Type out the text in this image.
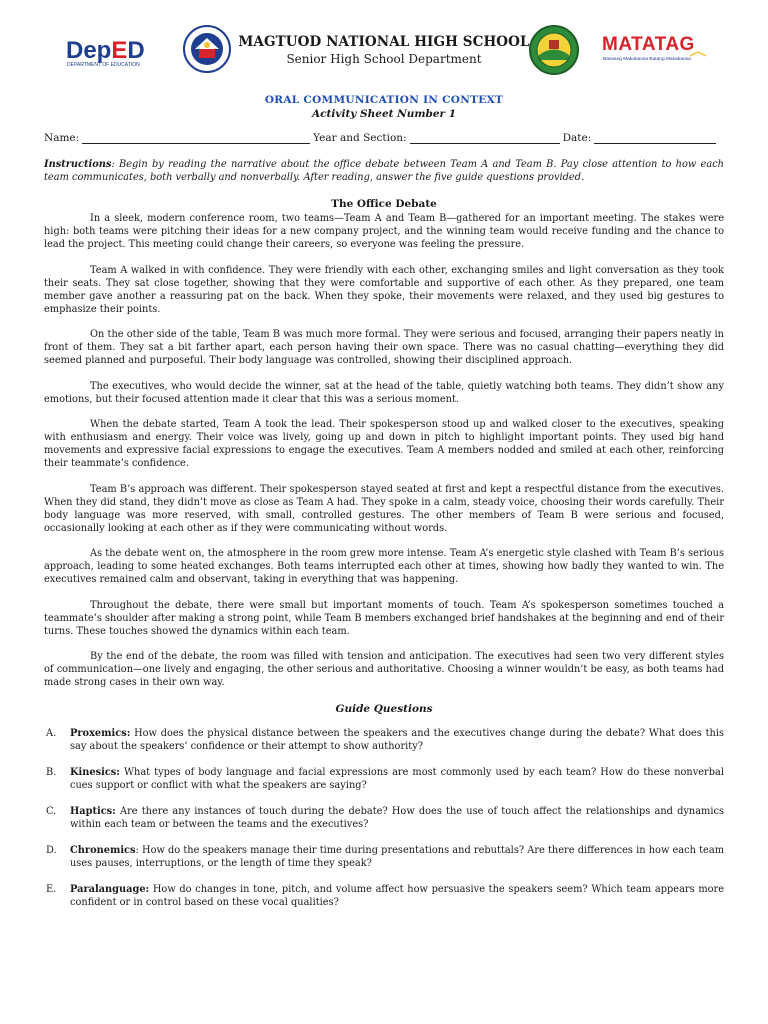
DepED
DEPARTMENT OF EDUCATION
MAGTUOD NATIONAL HIGH SCHOOL
Senior High School Department
MATATAG
Bansang Makabansa Batang Makabansa
ORAL COMMUNICATION IN CONTEXT
Activity Sheet Number 1
Name:	Year and Section:	Date:
Instructions: Begin by reading the narrative about the office debate between Team A and Team B. Pay close attention to how each team communicates, both verbally and nonverbally. After reading, answer the five guide questions provided.
The Office Debate

In a sleek, modern conference room, two teams—Team A and Team B—gathered for an important meeting. The stakes were high: both teams were pitching their ideas for a new company project, and the winning team would receive funding and the chance to lead the project. This meeting could change their careers, so everyone was feeling the pressure.

Team A walked in with confidence. They were friendly with each other, exchanging smiles and light conversation as they took their seats. They sat close together, showing that they were comfortable and supportive of each other. As they prepared, one team member gave another a reassuring pat on the back. When they spoke, their movements were relaxed, and they used big gestures to emphasize their points.

On the other side of the table, Team B was much more formal. They were serious and focused, arranging their papers neatly in front of them. They sat a bit farther apart, each person having their own space. There was no casual chatting—everything they did seemed planned and purposeful. Their body language was controlled, showing their disciplined approach.

The executives, who would decide the winner, sat at the head of the table, quietly watching both teams. They didn’t show any emotions, but their focused attention made it clear that this was a serious moment.

When the debate started, Team A took the lead. Their spokesperson stood up and walked closer to the executives, speaking with enthusiasm and energy. Their voice was lively, going up and down in pitch to highlight important points. They used big hand movements and expressive facial expressions to engage the executives. Team A members nodded and smiled at each other, reinforcing their teammate’s confidence.

Team B’s approach was different. Their spokesperson stayed seated at first and kept a respectful distance from the executives. When they did stand, they didn’t move as close as Team A had. They spoke in a calm, steady voice, choosing their words carefully. Their body language was more reserved, with small, controlled gestures. The other members of Team B were serious and focused, occasionally looking at each other as if they were communicating without words.

As the debate went on, the atmosphere in the room grew more intense. Team A’s energetic style clashed with Team B’s serious approach, leading to some heated exchanges. Both teams interrupted each other at times, showing how badly they wanted to win. The executives remained calm and observant, taking in everything that was happening.

Throughout the debate, there were small but important moments of touch. Team A’s spokesperson sometimes touched a teammate’s shoulder after making a strong point, while Team B members exchanged brief handshakes at the beginning and end of their turns. These touches showed the dynamics within each team.

By the end of the debate, the room was filled with tension and anticipation. The executives had seen two very different styles of communication—one lively and engaging, the other serious and authoritative. Choosing a winner wouldn’t be easy, as both teams had made strong cases in their own way.

Guide Questions
A.	Proxemics: How does the physical distance between the speakers and the executives change during the debate? What does this say about the speakers’ confidence or their attempt to show authority?
B.	Kinesics: What types of body language and facial expressions are most commonly used by each team? How do these nonverbal cues support or conflict with what the speakers are saying?
C.	Haptics: Are there any instances of touch during the debate? How does the use of touch affect the relationships and dynamics within each team or between the teams and the executives?
D.	Chronemics: How do the speakers manage their time during presentations and rebuttals? Are there differences in how each team uses pauses, interruptions, or the length of time they speak?
E.	Paralanguage: How do changes in tone, pitch, and volume affect how persuasive the speakers seem? Which team appears more confident or in control based on these vocal qualities?
